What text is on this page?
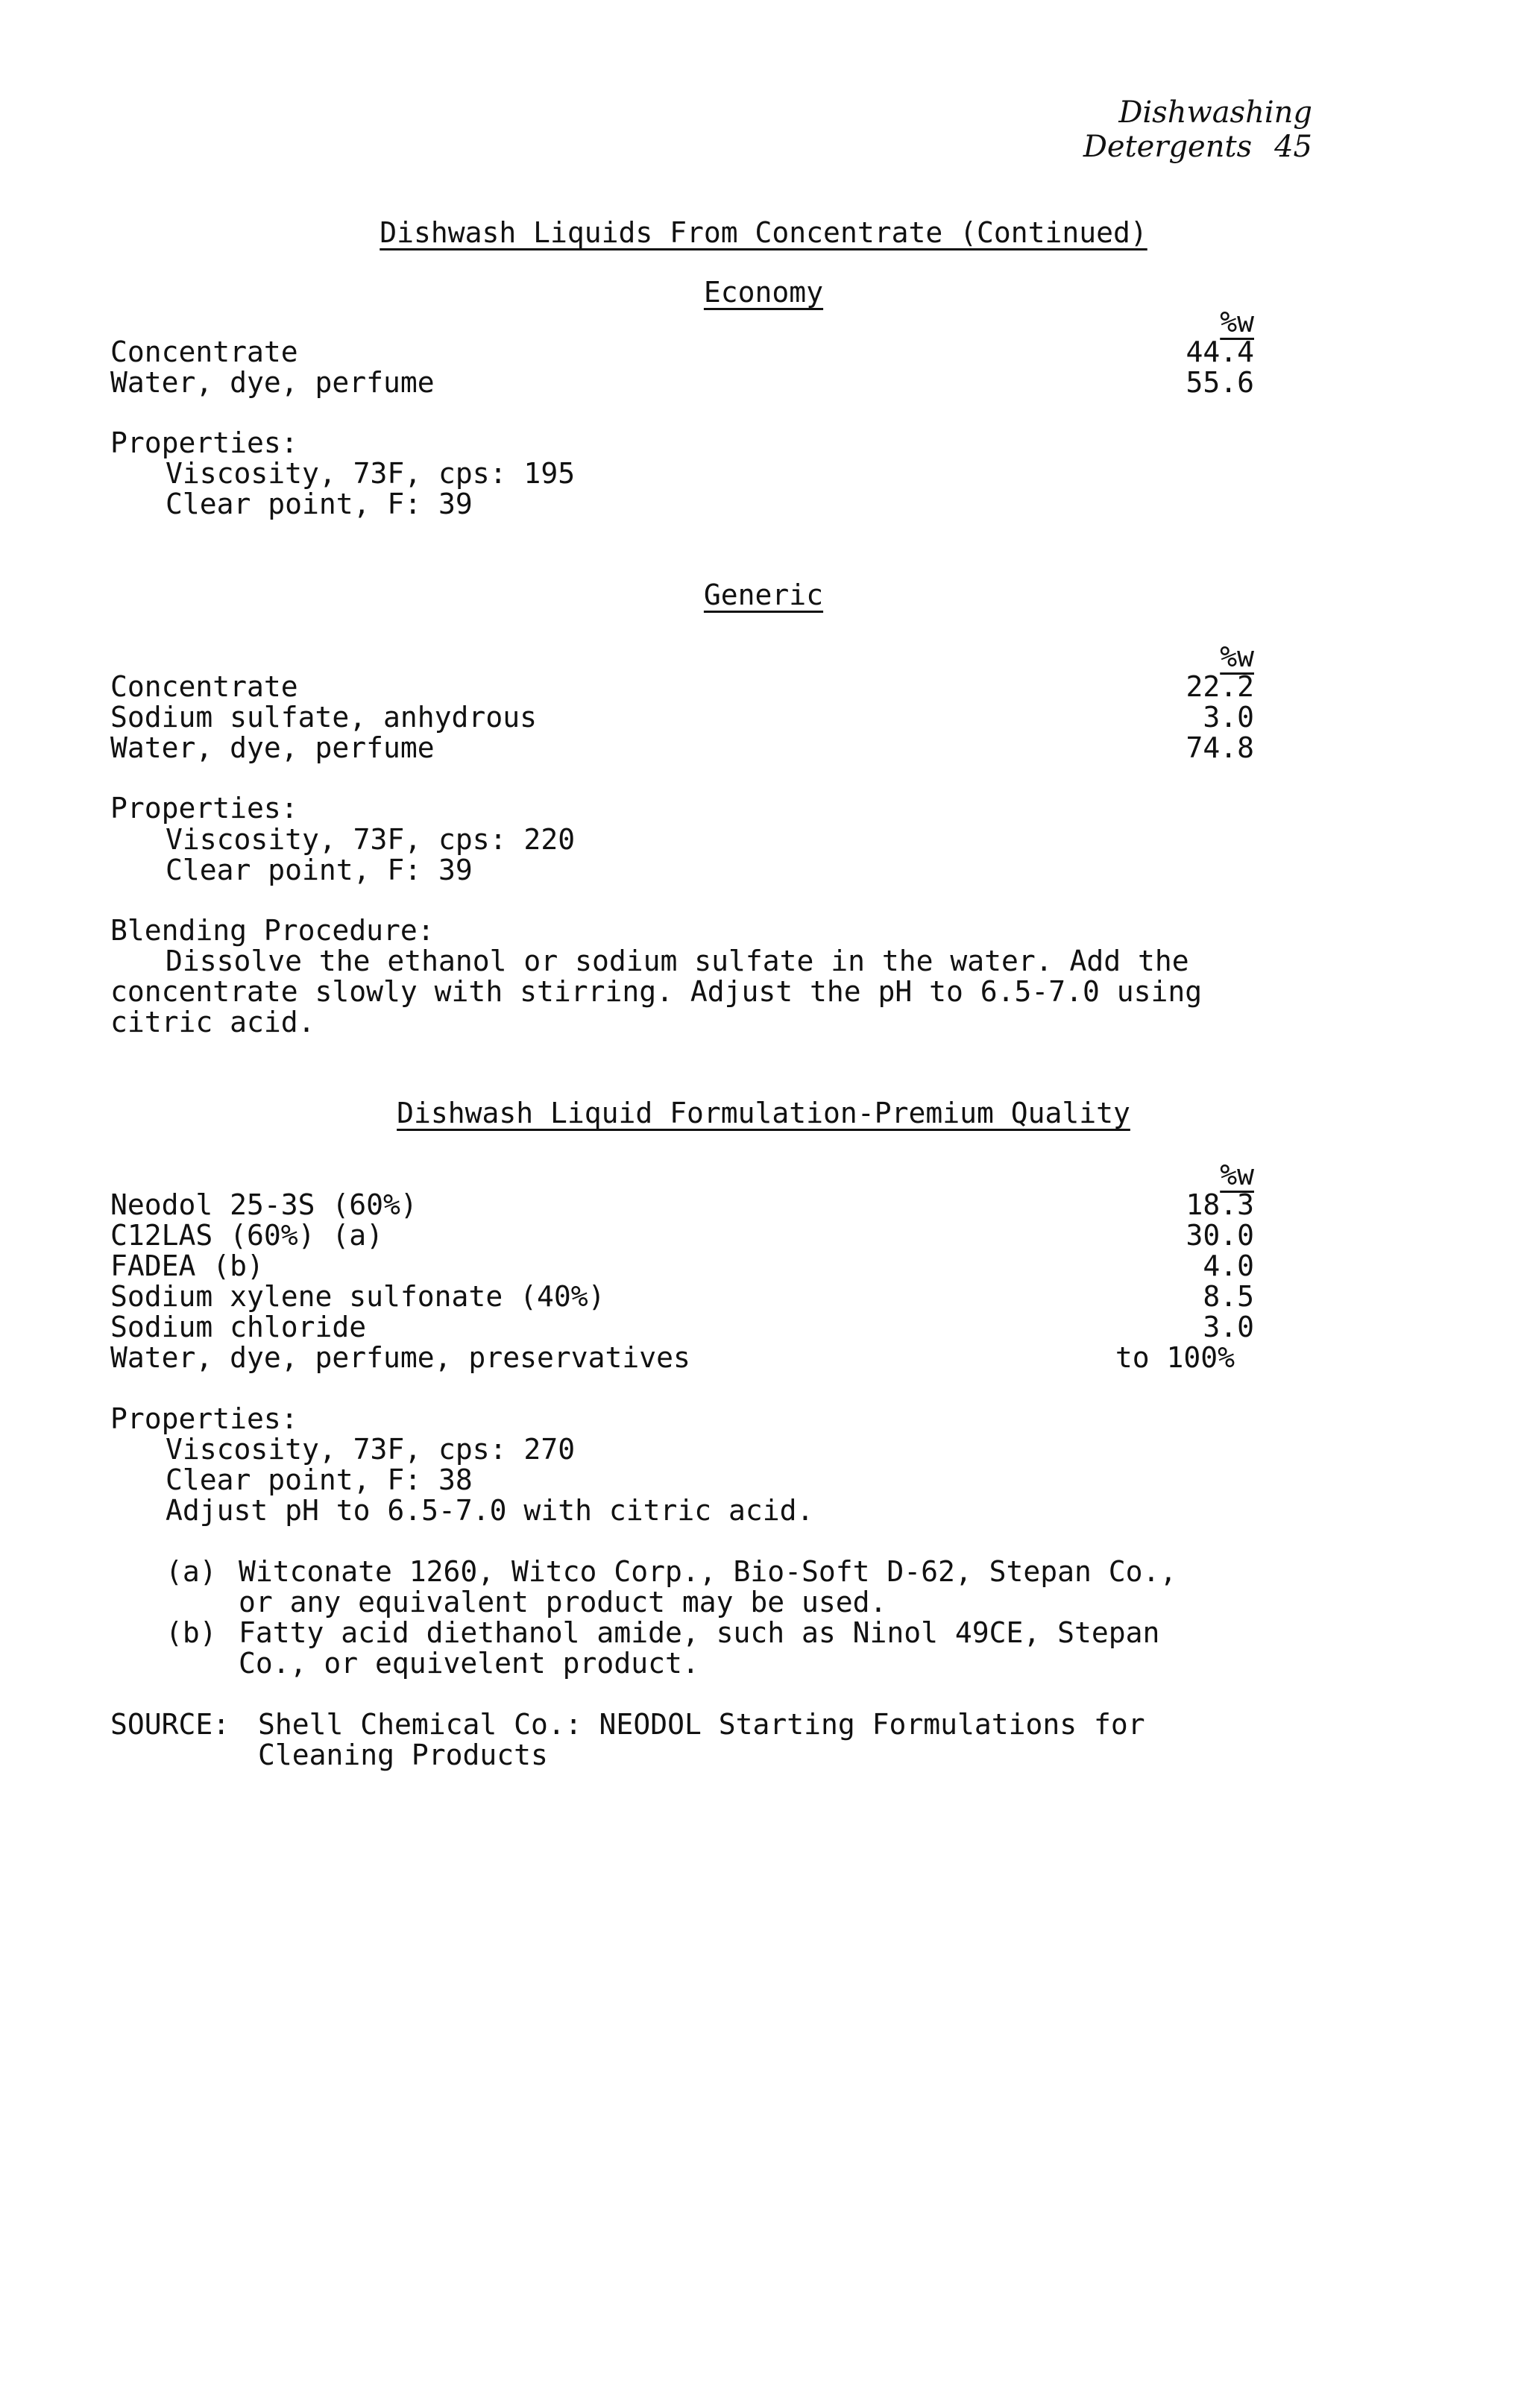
Dishwashing Detergents 45
Dishwash Liquids From Concentrate (Continued)
Economy
%w
Concentrate	44.4
Water, dye, perfume	55.6
Properties:
Viscosity, 73F, cps: 195
Clear point, F: 39
Generic
%w
Concentrate	22.2
Sodium sulfate, anhydrous	3.0
Water, dye, perfume	74.8
Properties:
Viscosity, 73F, cps: 220
Clear point, F: 39
Blending Procedure:
Dissolve the ethanol or sodium sulfate in the water. Add the
concentrate slowly with stirring. Adjust the pH to 6.5-7.0 using
citric acid.
Dishwash Liquid Formulation-Premium Quality
%w
Neodol 25-3S (60%)	18.3
C12LAS (60%) (a)	30.0
FADEA (b)	4.0
Sodium xylene sulfonate (40%)	8.5
Sodium chloride	3.0
Water, dye, perfume, preservatives	to 100%
Properties:
Viscosity, 73F, cps: 270
Clear point, F: 38
Adjust pH to 6.5-7.0 with citric acid.
(a) Witconate 1260, Witco Corp., Bio-Soft D-62, Stepan Co.,
or any equivalent product may be used.
(b) Fatty acid diethanol amide, such as Ninol 49CE, Stepan
Co., or equivelent product.
SOURCE: Shell Chemical Co.: NEODOL Starting Formulations for
Cleaning Products
